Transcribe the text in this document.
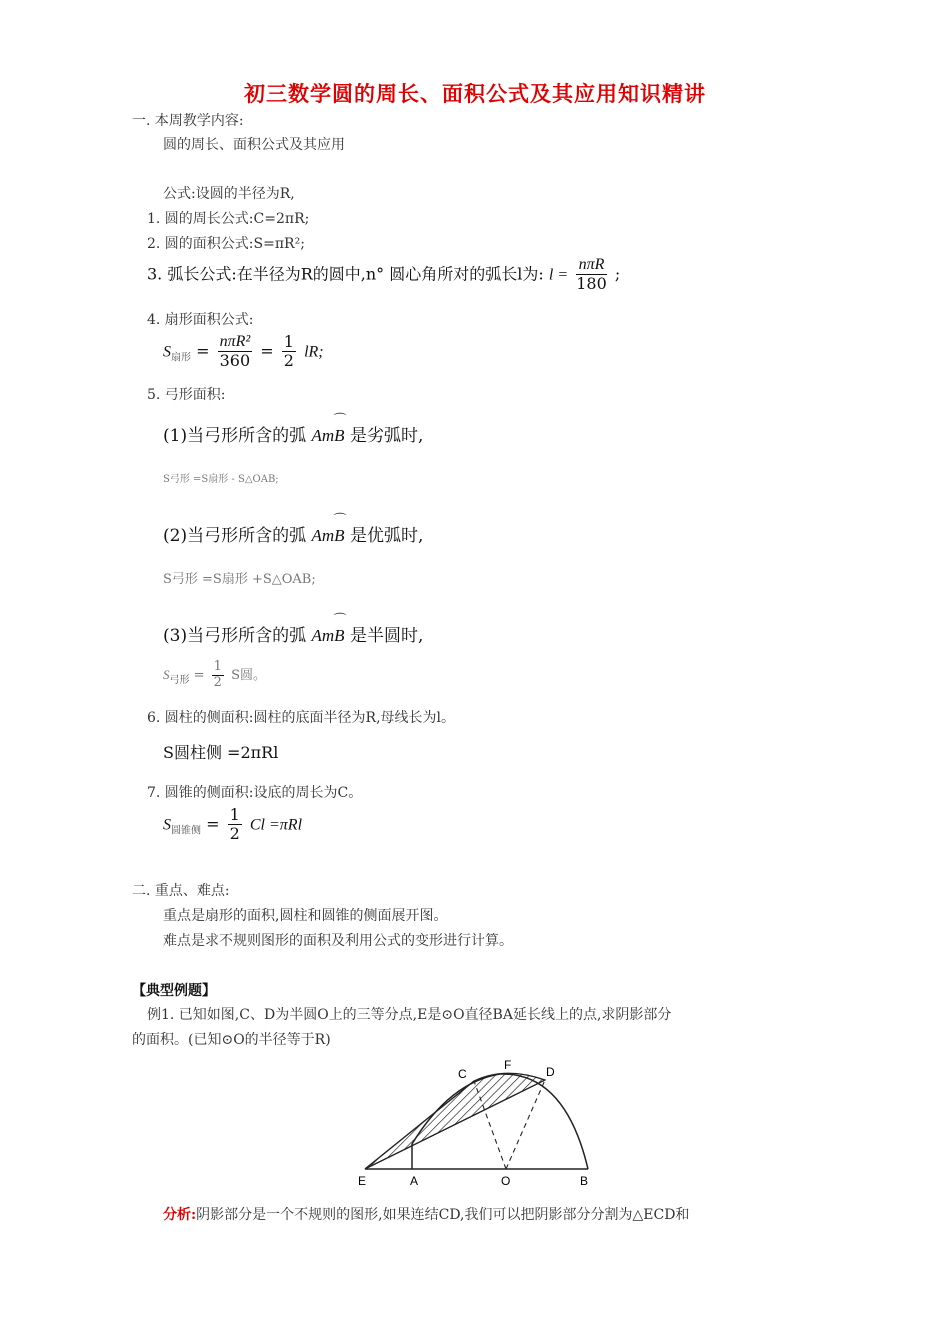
初三数学圆的周长、面积公式及其应用知识精讲
一. 本周教学内容:
圆的周长、面积公式及其应用
公式:设圆的半径为R,
1. 圆的周长公式:C=2πR;
2. 圆的面积公式:S=πR²;
3. 弧长公式:在半径为R的圆中,n° 圆心角所对的弧长l为: $l = \frac{\text{nπR}}{180}$ ;
4. 扇形面积公式:
$S_{扇形} = \frac{\text{nπR²}}{360} = \frac{1}{2}$ lR;
5. 弓形面积:
(1)当弓形所含的弧
⌒
AmB 是劣弧时,
S弓形 =S扇形 - S△OAB;
(2)当弓形所含的弧
⌒
AmB 是优弧时,
S弓形 =S扇形 +S△OAB;
(3)当弓形所含的弧
⌒
AmB 是半圆时,
$S_{弓形} = \frac{1}{2}$ S圆。
6. 圆柱的侧面积:圆柱的底面半径为R,母线长为l。
S圆柱侧 =2πRl
7. 圆锥的侧面积:设底的周长为C。
$S_{圆锥侧} = \frac{1}{2}$ Cl =πRl
二. 重点、难点:
重点是扇形的面积,圆柱和圆锥的侧面展开图。
难点是求不规则图形的面积及利用公式的变形进行计算。
【典型例题】
例1. 已知如图,C、D为半圆O上的三等分点,E是⊙O直径BA延长线上的点,求阴影部分
的面积。(已知⊙O的半径等于R)
C
F	D
E	A	O	B
分析:阴影部分是一个不规则的图形,如果连结CD,我们可以把阴影部分分割为△ECD和
